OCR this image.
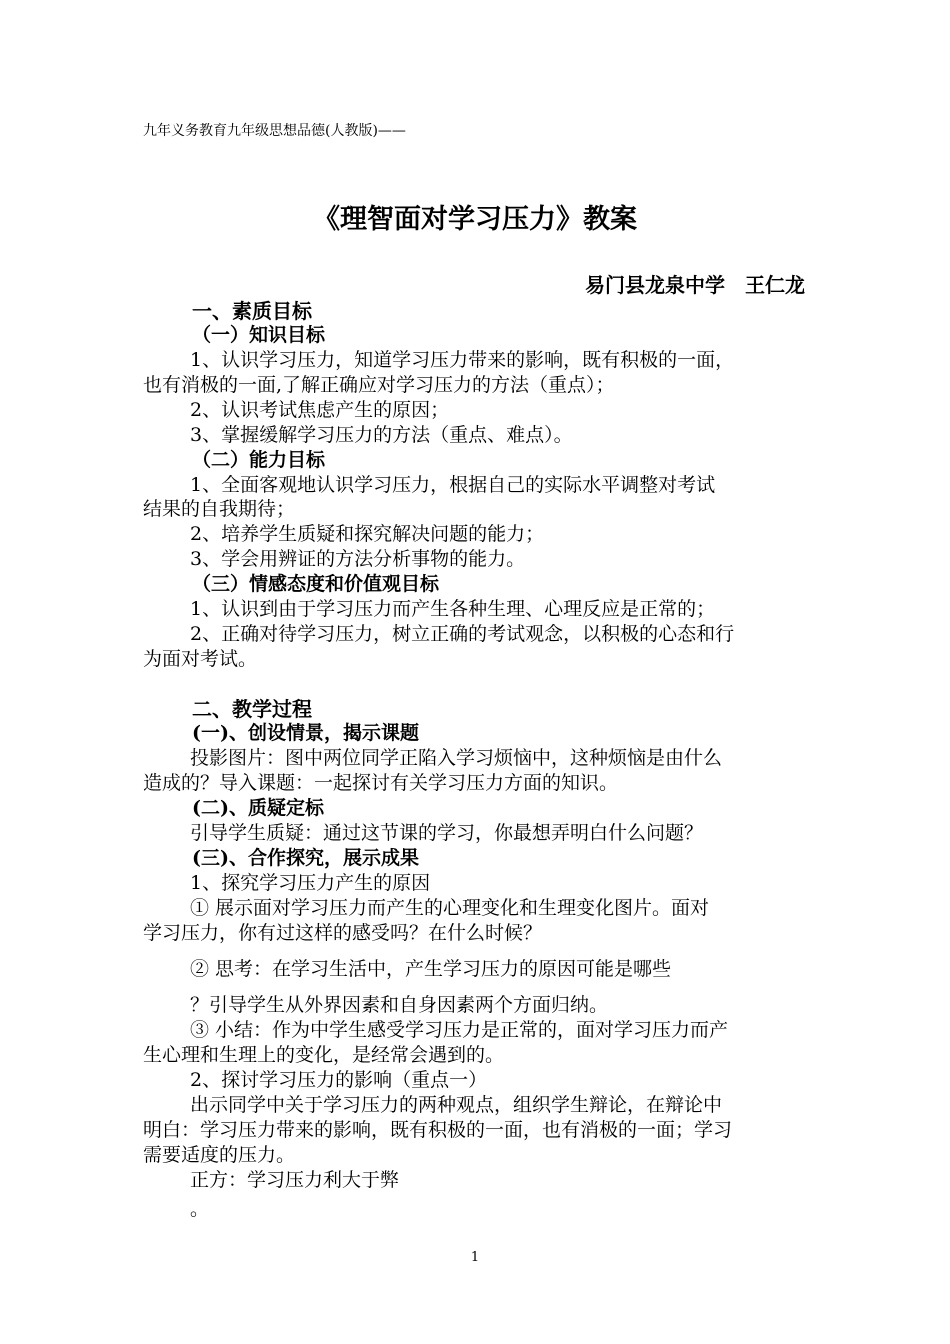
九年义务教育九年级思想品德(人教版)——
《理智面对学习压力》教案
易门县龙泉中学　王仁龙
一、素质目标
（一）知识目标
1、认识学习压力，知道学习压力带来的影响，既有积极的一面，
也有消极的一面,了解正确应对学习压力的方法（重点）；
2、认识考试焦虑产生的原因；
3、掌握缓解学习压力的方法（重点、难点）。
（二）能力目标
1、全面客观地认识学习压力，根据自己的实际水平调整对考试
结果的自我期待；
2、培养学生质疑和探究解决问题的能力；
3、学会用辨证的方法分析事物的能力。
（三）情感态度和价值观目标
1、认识到由于学习压力而产生各种生理、心理反应是正常的；
2、正确对待学习压力，树立正确的考试观念，以积极的心态和行
为面对考试。
二、教学过程
(一)、创设情景，揭示课题
投影图片：图中两位同学正陷入学习烦恼中，这种烦恼是由什么
造成的？导入课题：一起探讨有关学习压力方面的知识。
(二)、质疑定标
引导学生质疑：通过这节课的学习，你最想弄明白什么问题？
(三)、合作探究，展示成果
1、探究学习压力产生的原因
① 展示面对学习压力而产生的心理变化和生理变化图片。面对
学习压力，你有过这样的感受吗？在什么时候？
② 思考：在学习生活中，产生学习压力的原因可能是哪些
？引导学生从外界因素和自身因素两个方面归纳。
③ 小结：作为中学生感受学习压力是正常的，面对学习压力而产
生心理和生理上的变化，是经常会遇到的。
2、探讨学习压力的影响（重点一）
出示同学中关于学习压力的两种观点，组织学生辩论，在辩论中
明白：学习压力带来的影响，既有积极的一面，也有消极的一面；学习
需要适度的压力。
正方：学习压力利大于弊
。
1
